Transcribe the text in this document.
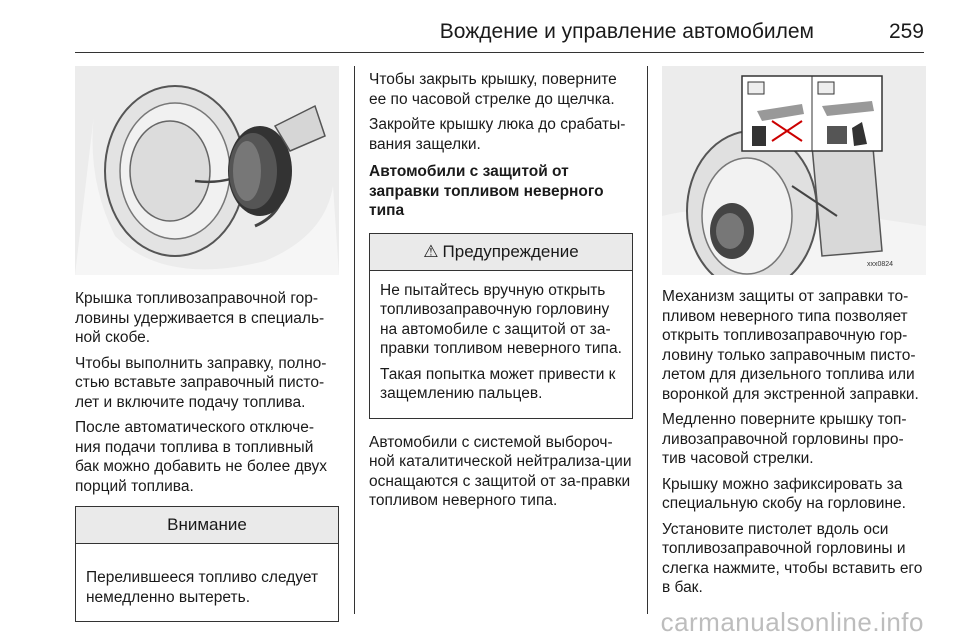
Вождение и управление автомобилем	259

Крышка топливозаправочной гор-ловины удерживается в специаль-ной скобе.

Чтобы выполнить заправку, полно-стью вставьте заправочный писто-лет и включите подачу топлива.

После автоматического отключе-ния подачи топлива в топливный бак можно добавить не более двух порций топлива.

Внимание

Перелившееся топливо следует немедленно вытереть.

Чтобы закрыть крышку, поверните ее по часовой стрелке до щелчка.

Закройте крышку люка до срабаты-вания защелки.

Автомобили с защитой от заправки топливом неверного типа
⚠ Предупреждение

Не пытайтесь вручную открыть топливозаправочную горловину на автомобиле с защитой от за-правки топливом неверного типа.

Такая попытка может привести к защемлению пальцев.

Автомобили с системой выбороч-ной каталитической нейтрализа-ции оснащаются с защитой от за-правки топливом неверного типа.

xxx0824

Механизм защиты от заправки то-пливом неверного типа позволяет открыть топливозаправочную гор-ловину только заправочным писто-летом для дизельного топлива или воронкой для экстренной заправки.

Медленно поверните крышку топ-ливозаправочной горловины про-тив часовой стрелки.

Крышку можно зафиксировать за специальную скобу на горловине.

Установите пистолет вдоль оси топливозаправочной горловины и слегка нажмите, чтобы вставить его в бак.

carmanualsonline.info
